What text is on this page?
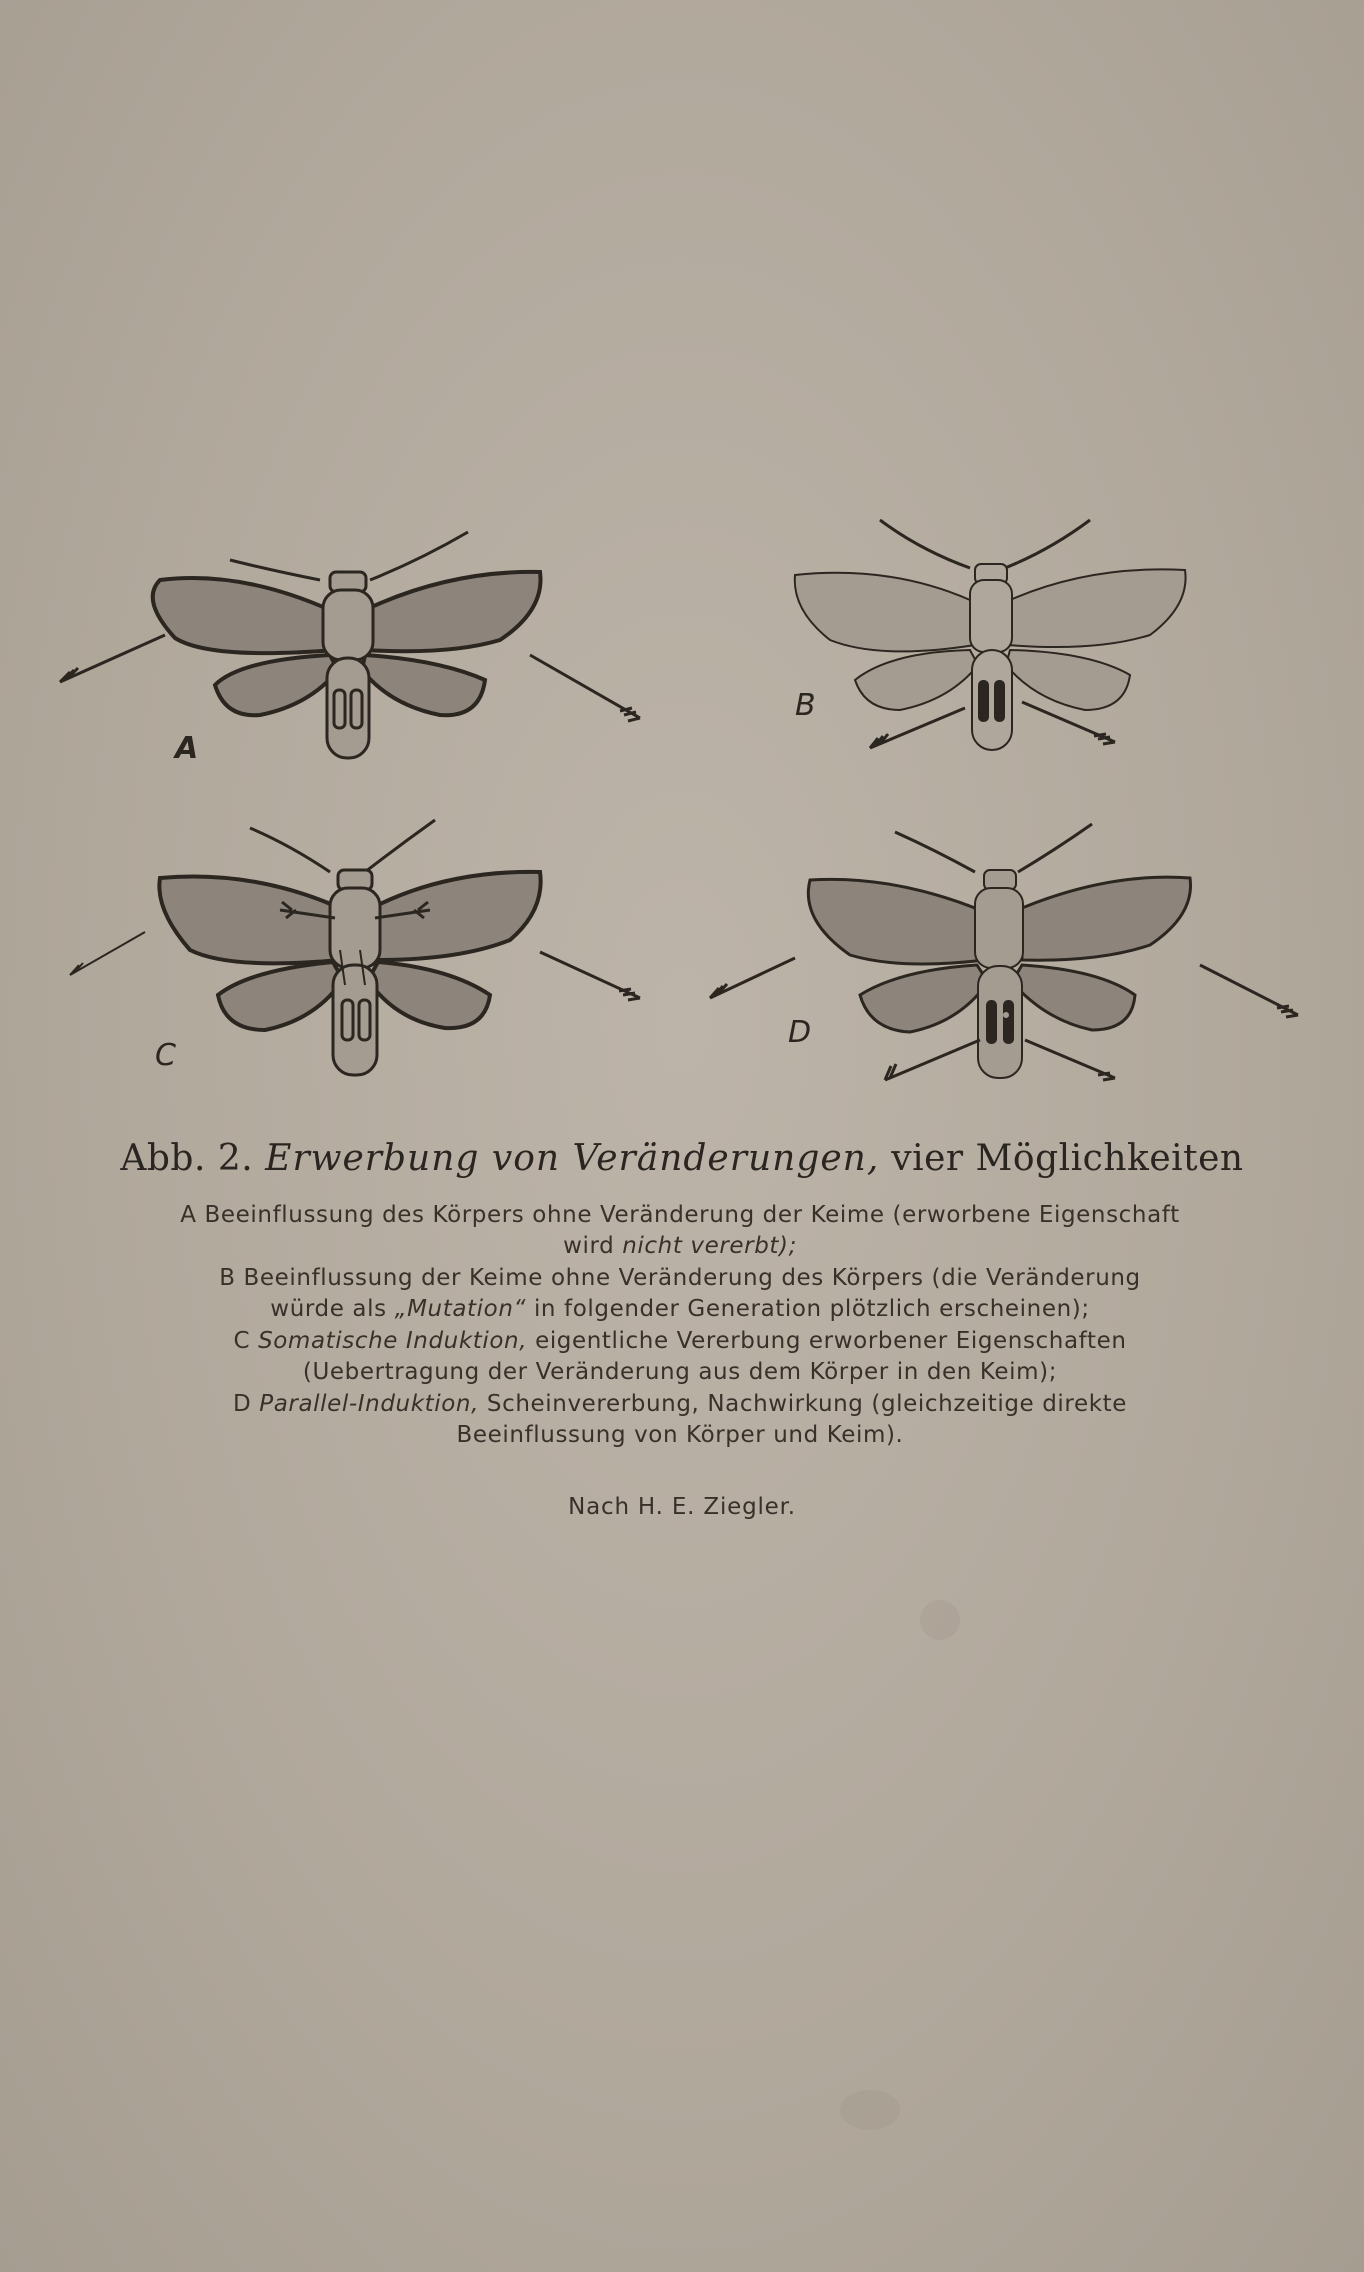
A
B
C
D
Abb. 2. Erwerbung von Veränderungen, vier Möglichkeiten

A Beeinflussung des Körpers ohne Veränderung der Keime (erworbene Eigenschaft wird nicht vererbt);

B Beeinflussung der Keime ohne Veränderung des Körpers (die Veränderung würde als „Mutation“ in folgender Generation plötzlich erscheinen);

C Somatische Induktion, eigentliche Vererbung erworbener Eigenschaften (Uebertragung der Veränderung aus dem Körper in den Keim);

D Parallel-Induktion, Scheinvererbung, Nachwirkung (gleichzeitige direkte Beeinflussung von Körper und Keim).

Nach H. E. Ziegler.
